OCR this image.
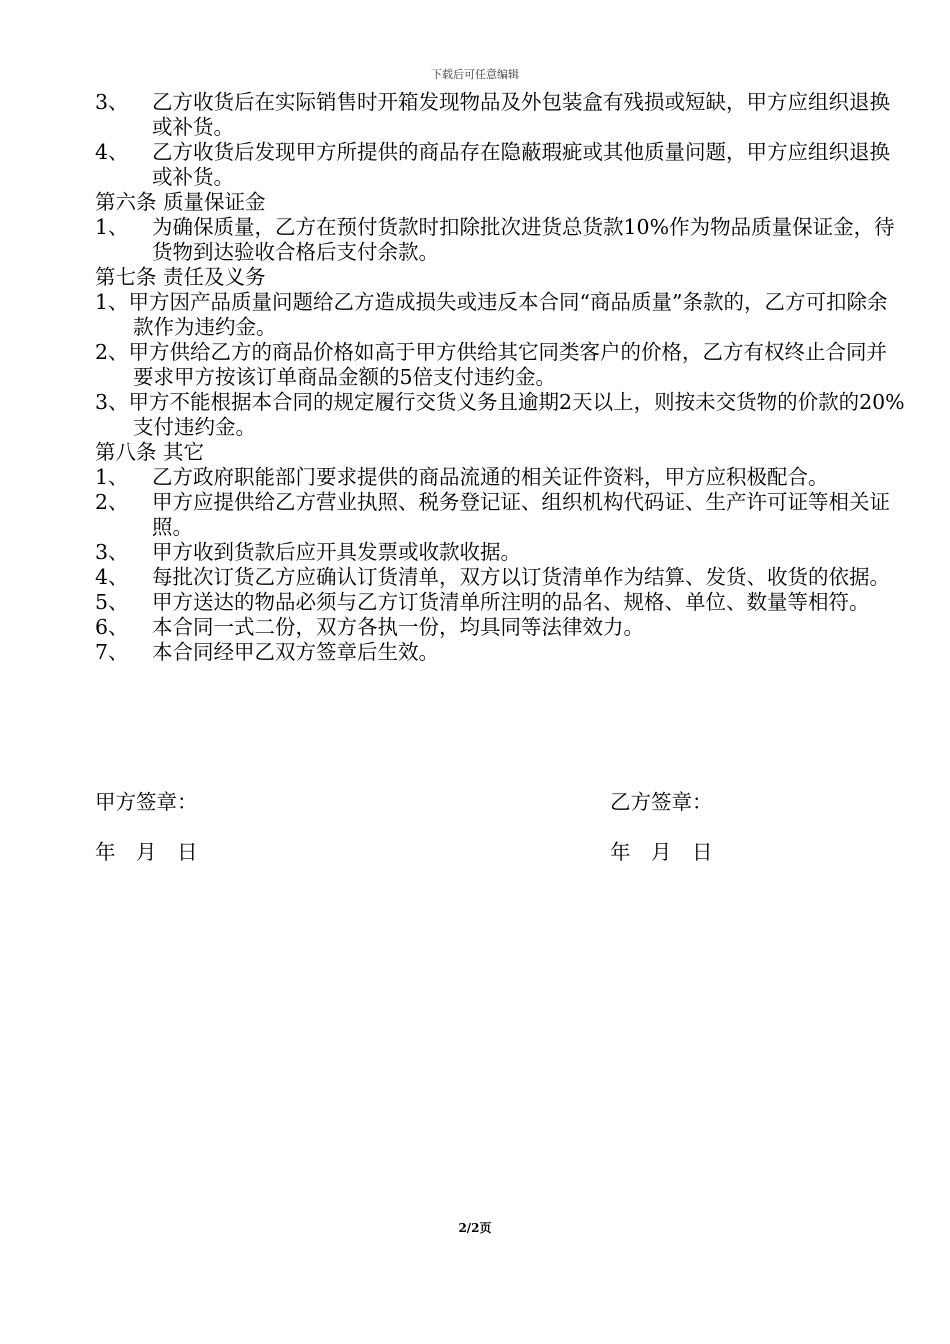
下载后可任意编辑
3、 乙方收货后在实际销售时开箱发现物品及外包装盒有残损或短缺，甲方应组织退换或补货。
4、 乙方收货后发现甲方所提供的商品存在隐蔽瑕疵或其他质量问题，甲方应组织退换或补货。
第六条 质量保证金
1、 为确保质量，乙方在预付货款时扣除批次进货总货款10%作为物品质量保证金，待货物到达验收合格后支付余款。
第七条 责任及义务
1、甲方因产品质量问题给乙方造成损失或违反本合同“商品质量”条款的，乙方可扣除余款作为违约金。
2、甲方供给乙方的商品价格如高于甲方供给其它同类客户的价格，乙方有权终止合同并要求甲方按该订单商品金额的5倍支付违约金。
3、甲方不能根据本合同的规定履行交货义务且逾期2天以上，则按未交货物的价款的20%支付违约金。
第八条 其它
1、 乙方政府职能部门要求提供的商品流通的相关证件资料，甲方应积极配合。
2、 甲方应提供给乙方营业执照、税务登记证、组织机构代码证、生产许可证等相关证照。
3、 甲方收到货款后应开具发票或收款收据。
4、 每批次订货乙方应确认订货清单，双方以订货清单作为结算、发货、收货的依据。
5、 甲方送达的物品必须与乙方订货清单所注明的品名、规格、单位、数量等相符。
6、 本合同一式二份，双方各执一份，均具同等法律效力。
7、 本合同经甲乙双方签章后生效。
甲方签章：	乙方签章：
年　月　日	年　月　日
2/2页
